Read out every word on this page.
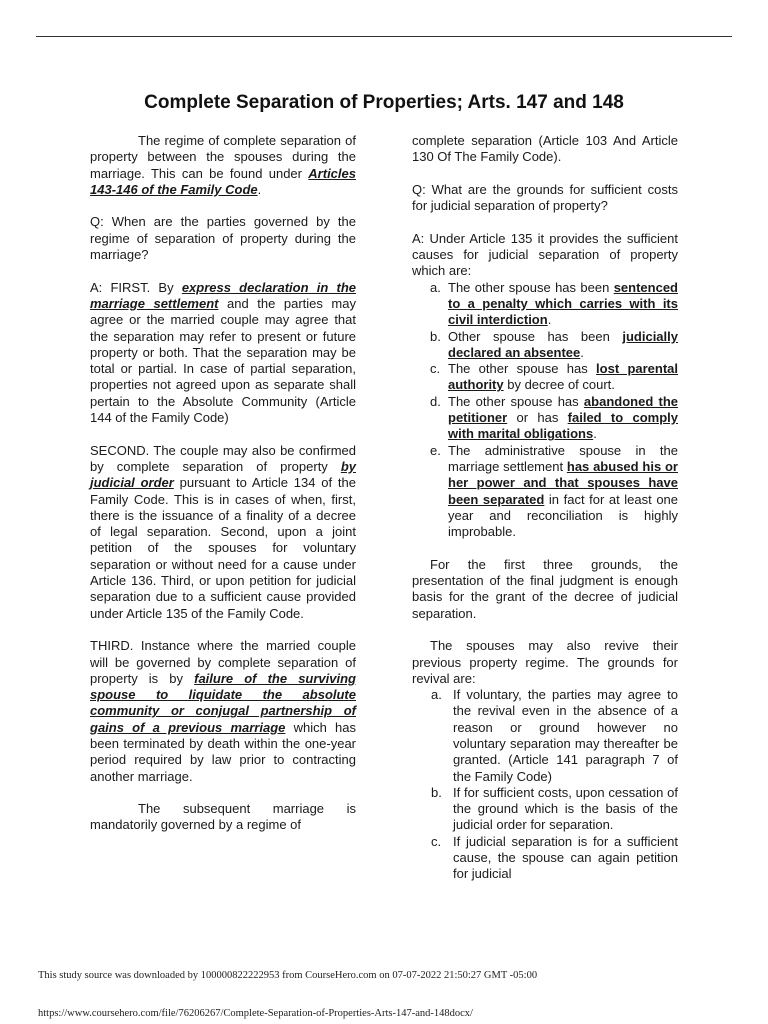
Complete Separation of Properties; Arts. 147 and 148

The regime of complete separation of property between the spouses during the marriage. This can be found under Articles 143-146 of the Family Code.

Q: When are the parties governed by the regime of separation of property during the marriage?

A: FIRST. By express declaration in the marriage settlement and the parties may agree or the married couple may agree that the separation may refer to present or future property or both. That the separation may be total or partial. In case of partial separation, properties not agreed upon as separate shall pertain to the Absolute Community (Article 144 of the Family Code)

SECOND. The couple may also be confirmed by complete separation of property by judicial order pursuant to Article 134 of the Family Code. This is in cases of when, first, there is the issuance of a finality of a decree of legal separation. Second, upon a joint petition of the spouses for voluntary separation or without need for a cause under Article 136. Third, or upon petition for judicial separation due to a sufficient cause provided under Article 135 of the Family Code.

THIRD. Instance where the married couple will be governed by complete separation of property is by failure of the surviving spouse to liquidate the absolute community or conjugal partnership of gains of a previous marriage which has been terminated by death within the one-year period required by law prior to contracting another marriage.

The subsequent marriage is mandatorily governed by a regime of

complete separation (Article 103 And Article 130 Of The Family Code).

Q: What are the grounds for sufficient costs for judicial separation of property?

A: Under Article 135 it provides the sufficient causes for judicial separation of property which are:

a. The other spouse has been sentenced to a penalty which carries with its civil interdiction.
b. Other spouse has been judicially declared an absentee.
c. The other spouse has lost parental authority by decree of court.
d. The other spouse has abandoned the petitioner or has failed to comply with marital obligations.
e. The administrative spouse in the marriage settlement has abused his or her power and that spouses have been separated in fact for at least one year and reconciliation is highly improbable.

For the first three grounds, the presentation of the final judgment is enough basis for the grant of the decree of judicial separation.

The spouses may also revive their previous property regime. The grounds for revival are:

a. If voluntary, the parties may agree to the revival even in the absence of a reason or ground however no voluntary separation may thereafter be granted. (Article 141 paragraph 7 of the Family Code)
b. If for sufficient costs, upon cessation of the ground which is the basis of the judicial order for separation.
c. If judicial separation is for a sufficient cause, the spouse can again petition for judicial
This study source was downloaded by 100000822222953 from CourseHero.com on 07-07-2022 21:50:27 GMT -05:00
https://www.coursehero.com/file/76206267/Complete-Separation-of-Properties-Arts-147-and-148docx/
